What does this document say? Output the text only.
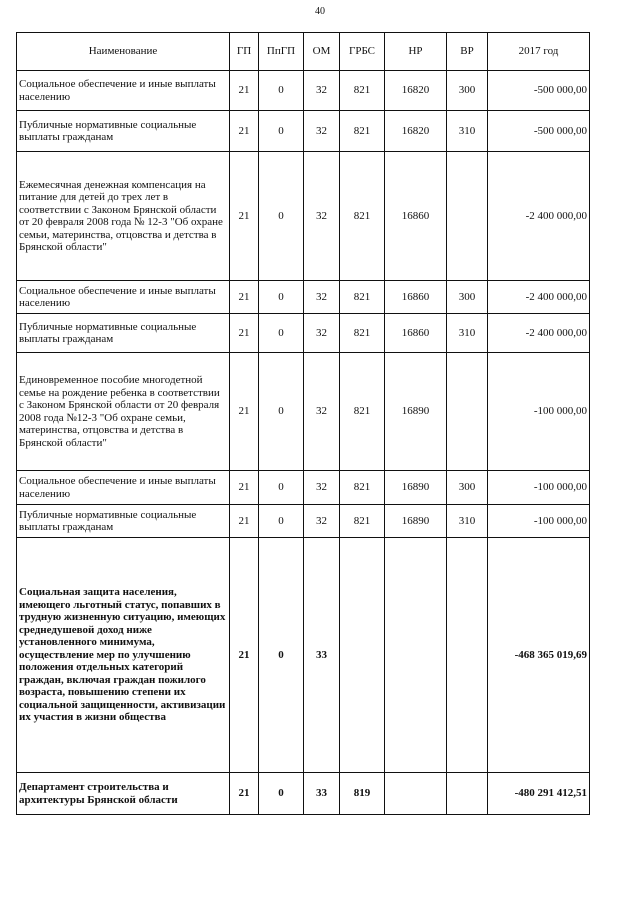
40
Наименование	ГП	ПпГП	ОМ	ГРБС	НР	ВР	2017 год
Социальное обеспечение и иные выплаты населению	21	0	32	821	16820	300	-500 000,00
Публичные нормативные социальные выплаты гражданам	21	0	32	821	16820	310	-500 000,00
Ежемесячная денежная компенсация на питание для детей до трех лет в соответствии с Законом Брянской области от 20 февраля 2008 года № 12-3 "Об охране семьи, материнства, отцовства и детства в Брянской области"	21	0	32	821	16860		-2 400 000,00
Социальное обеспечение и иные выплаты населению	21	0	32	821	16860	300	-2 400 000,00
Публичные нормативные социальные выплаты гражданам	21	0	32	821	16860	310	-2 400 000,00
Единовременное пособие многодетной семье на рождение ребенка в соответствии с Законом Брянской области от 20 февраля 2008 года №12-3 "Об охране семьи, материнства, отцовства и детства в Брянской области"	21	0	32	821	16890		-100 000,00
Социальное обеспечение и иные выплаты населению	21	0	32	821	16890	300	-100 000,00
Публичные нормативные социальные выплаты гражданам	21	0	32	821	16890	310	-100 000,00
Социальная защита населения, имеющего льготный статус, попавших в трудную жизненную ситуацию, имеющих среднедушевой доход ниже установленного минимума, осуществление мер по улучшению положения отдельных категорий граждан, включая граждан пожилого возраста, повышению степени их социальной защищенности, активизации их участия в жизни общества	21	0	33				-468 365 019,69
Департамент строительства и архитектуры Брянской области	21	0	33	819			-480 291 412,51
